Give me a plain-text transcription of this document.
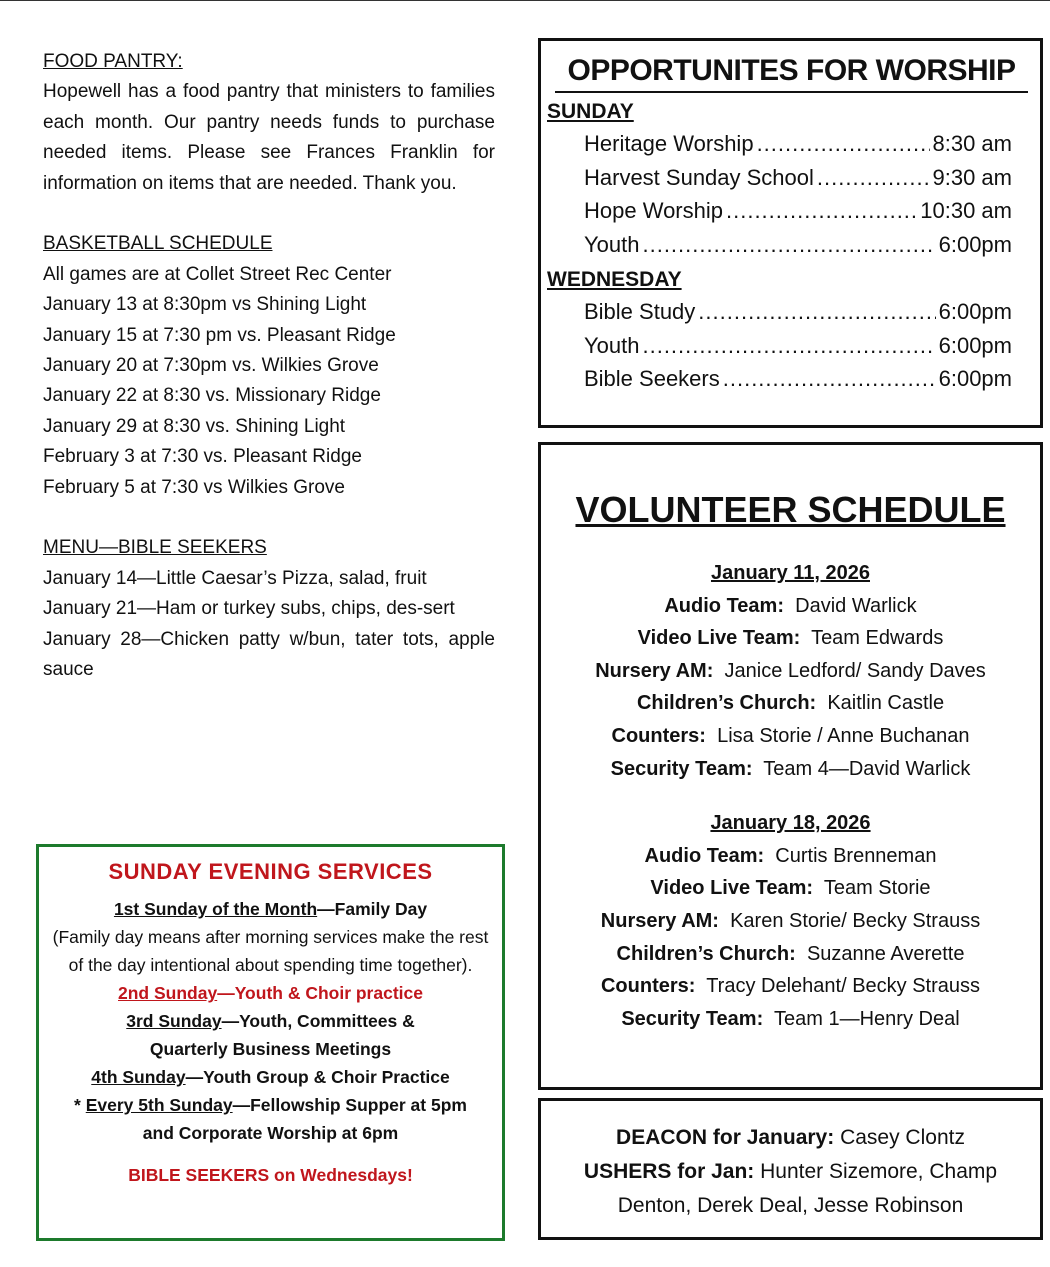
FOOD PANTRY:

Hopewell has a food pantry that ministers to families each month. Our pantry needs funds to purchase needed items. Please see Frances Franklin for information on items that are needed. Thank you.

BASKETBALL SCHEDULE
All games are at Collet Street Rec Center
January 13 at 8:30pm vs Shining Light
January 15 at 7:30 pm vs. Pleasant Ridge
January 20 at 7:30pm vs. Wilkies Grove
January 22 at 8:30 vs. Missionary Ridge
January 29 at 8:30 vs. Shining Light
February 3 at 7:30 vs. Pleasant Ridge
February 5 at 7:30 vs Wilkies Grove
MENU—BIBLE SEEKERS

January 14—Little Caesar’s Pizza, salad, fruit

January 21—Ham or turkey subs, chips, des-sert

January 28—Chicken patty w/bun, tater tots, apple sauce

OPPORTUNITES FOR WORSHIP
SUNDAY
Heritage Worship .....	8:30 am
Harvest Sunday School .....	9:30 am
Hope Worship .....	10:30 am
Youth .....	6:00pm
WEDNESDAY
Bible Study .....	6:00pm
Youth .....	6:00pm
Bible Seekers .....	6:00pm
VOLUNTEER SCHEDULE
January 11, 2026
Audio Team: David Warlick
Video Live Team: Team Edwards
Nursery AM: Janice Ledford/ Sandy Daves
Children’s Church: Kaitlin Castle
Counters: Lisa Storie / Anne Buchanan
Security Team: Team 4—David Warlick
January 18, 2026
Audio Team: Curtis Brenneman
Video Live Team: Team Storie
Nursery AM: Karen Storie/ Becky Strauss
Children’s Church: Suzanne Averette
Counters: Tracy Delehant/ Becky Strauss
Security Team: Team 1—Henry Deal
DEACON for January: Casey Clontz
USHERS for Jan: Hunter Sizemore, Champ Denton, Derek Deal, Jesse Robinson
SUNDAY EVENING SERVICES
1st Sunday of the Month—Family Day
(Family day means after morning services make the rest of the day intentional about spending time together).
2nd Sunday—Youth & Choir practice
3rd Sunday—Youth, Committees & Quarterly Business Meetings
4th Sunday—Youth Group & Choir Practice
* Every 5th Sunday—Fellowship Supper at 5pm and Corporate Worship at 6pm
BIBLE SEEKERS on Wednesdays!
